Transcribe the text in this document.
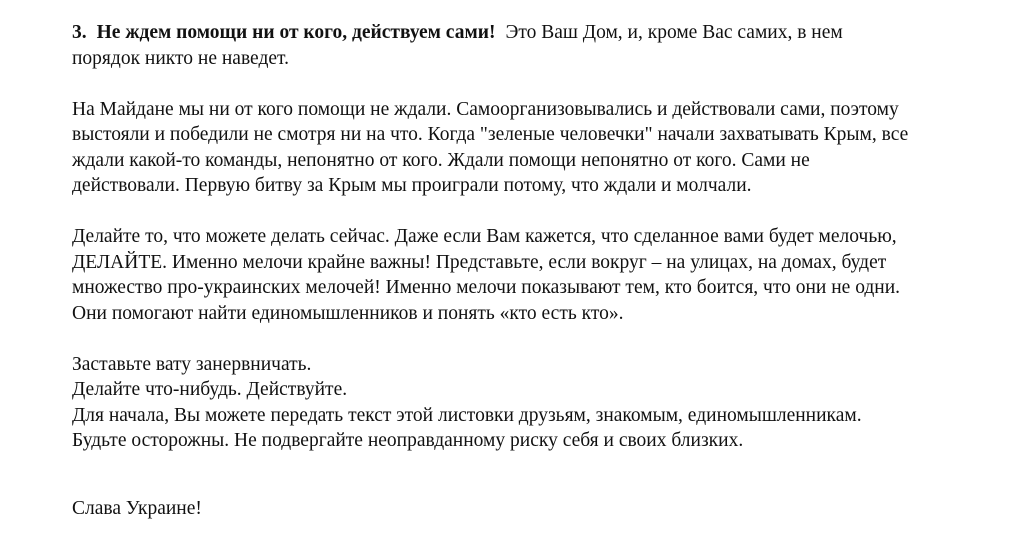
3. Не ждем помощи ни от кого, действуем сами! Это Ваш Дом, и, кроме Вас самих, в нем
порядок никто не наведет.

На Майдане мы ни от кого помощи не ждали. Самоорганизовывались и действовали сами, поэтому
выстояли и победили не смотря ни на что. Когда "зеленые человечки" начали захватывать Крым, все
ждали какой-то команды, непонятно от кого. Ждали помощи непонятно от кого. Сами не
действовали. Первую битву за Крым мы проиграли потому, что ждали и молчали.

Делайте то, что можете делать сейчас. Даже если Вам кажется, что сделанное вами будет мелочью,
ДЕЛАЙТЕ. Именно мелочи крайне важны! Представьте, если вокруг – на улицах, на домах, будет
множество про-украинских мелочей! Именно мелочи показывают тем, кто боится, что они не одни.
Они помогают найти единомышленников и понять «кто есть кто».

Заставьте вату занервничать.
Делайте что-нибудь. Действуйте.
Для начала, Вы можете передать текст этой листовки друзьям, знакомым, единомышленникам.
Будьте осторожны. Не подвергайте неоправданному риску себя и своих близких.

Слава Украине!
